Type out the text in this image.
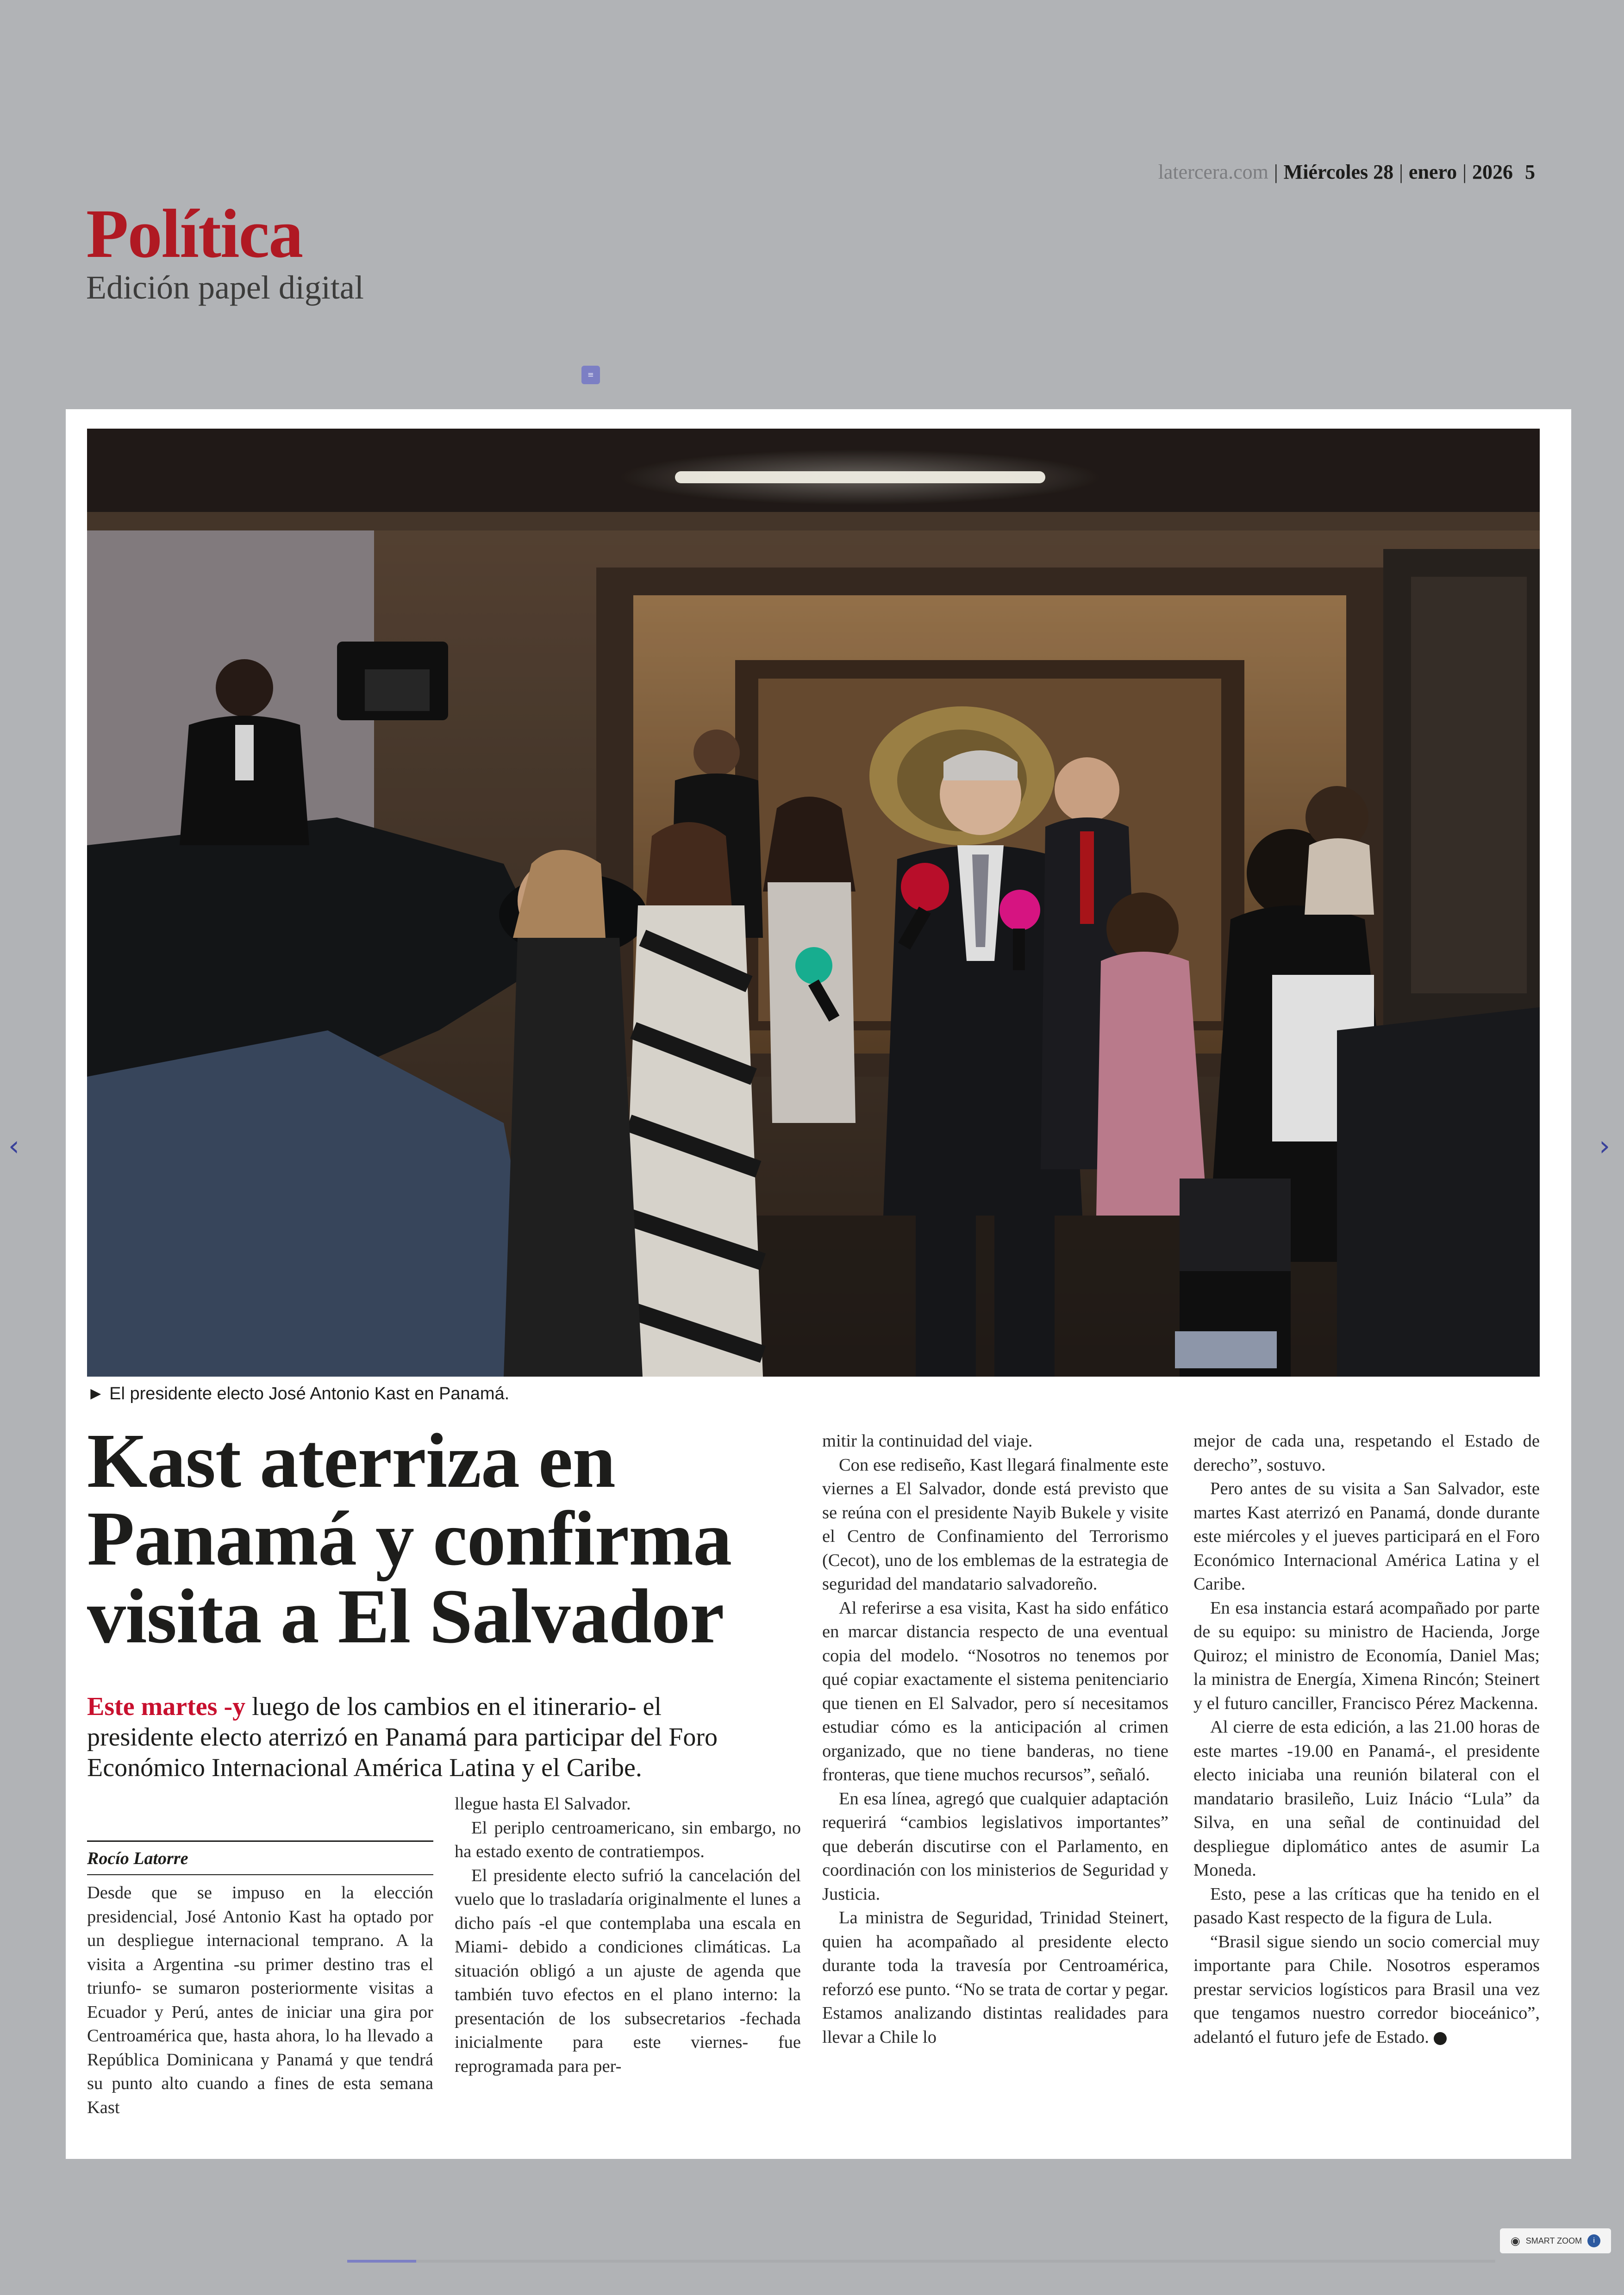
latercera.com | Miércoles 28 | enero | 2026 5
Política
Edición papel digital
≡
► El presidente electo José Antonio Kast en Panamá.
Kast aterriza en Panamá y confirma visita a El Salvador
Este martes -y luego de los cambios en el itinerario- el presidente electo aterrizó en Panamá para participar del Foro Económico Internacional América Latina y el Caribe.
Rocío Latorre

Desde que se impuso en la elección presidencial, José Antonio Kast ha optado por un despliegue internacional temprano. A la visita a Argentina -su primer destino tras el triunfo- se sumaron posteriormente visitas a Ecuador y Perú, antes de iniciar una gira por Centroamérica que, hasta ahora, lo ha llevado a República Dominicana y Panamá y que tendrá su punto alto cuando a fines de esta semana Kast

llegue hasta El Salvador.

El periplo centroamericano, sin embargo, no ha estado exento de contratiempos.

El presidente electo sufrió la cancelación del vuelo que lo trasladaría originalmente el lunes a dicho país -el que contemplaba una escala en Miami- debido a condiciones climáticas. La situación obligó a un ajuste de agenda que también tuvo efectos en el plano interno: la presentación de los subsecretarios -fechada inicialmente para este viernes- fue reprogramada para per-

mitir la continuidad del viaje.

Con ese rediseño, Kast llegará finalmente este viernes a El Salvador, donde está previsto que se reúna con el presidente Nayib Bukele y visite el Centro de Confinamiento del Terrorismo (Cecot), uno de los emblemas de la estrategia de seguridad del mandatario salvadoreño.

Al referirse a esa visita, Kast ha sido enfático en marcar distancia respecto de una eventual copia del modelo. “Nosotros no tenemos por qué copiar exactamente el sistema penitenciario que tienen en El Salvador, pero sí necesitamos estudiar cómo es la anticipación al crimen organizado, que no tiene banderas, no tiene fronteras, que tiene muchos recursos”, señaló.

En esa línea, agregó que cualquier adaptación requerirá “cambios legislativos importantes” que deberán discutirse con el Parlamento, en coordinación con los ministerios de Seguridad y Justicia.

La ministra de Seguridad, Trinidad Steinert, quien ha acompañado al presidente electo durante toda la travesía por Centroamérica, reforzó ese punto. “No se trata de cortar y pegar. Estamos analizando distintas realidades para llevar a Chile lo

mejor de cada una, respetando el Estado de derecho”, sostuvo.

Pero antes de su visita a San Salvador, este martes Kast aterrizó en Panamá, donde durante este miércoles y el jueves participará en el Foro Económico Internacional América Latina y el Caribe.

En esa instancia estará acompañado por parte de su equipo: su ministro de Hacienda, Jorge Quiroz; el ministro de Economía, Daniel Mas; la ministra de Energía, Ximena Rincón; Steinert y el futuro canciller, Francisco Pérez Mackenna.

Al cierre de esta edición, a las 21.00 horas de este martes -19.00 en Panamá-, el presidente electo iniciaba una reunión bilateral con el mandatario brasileño, Luiz Inácio “Lula” da Silva, en una señal de continuidad del despliegue diplomático antes de asumir La Moneda.

Esto, pese a las críticas que ha tenido en el pasado Kast respecto de la figura de Lula.

“Brasil sigue siendo un socio comercial muy importante para Chile. Nosotros esperamos prestar servicios logísticos para Brasil una vez que tengamos nuestro corredor bioceánico”, adelantó el futuro jefe de Estado.

‹	›
◉ SMART ZOOM	i
